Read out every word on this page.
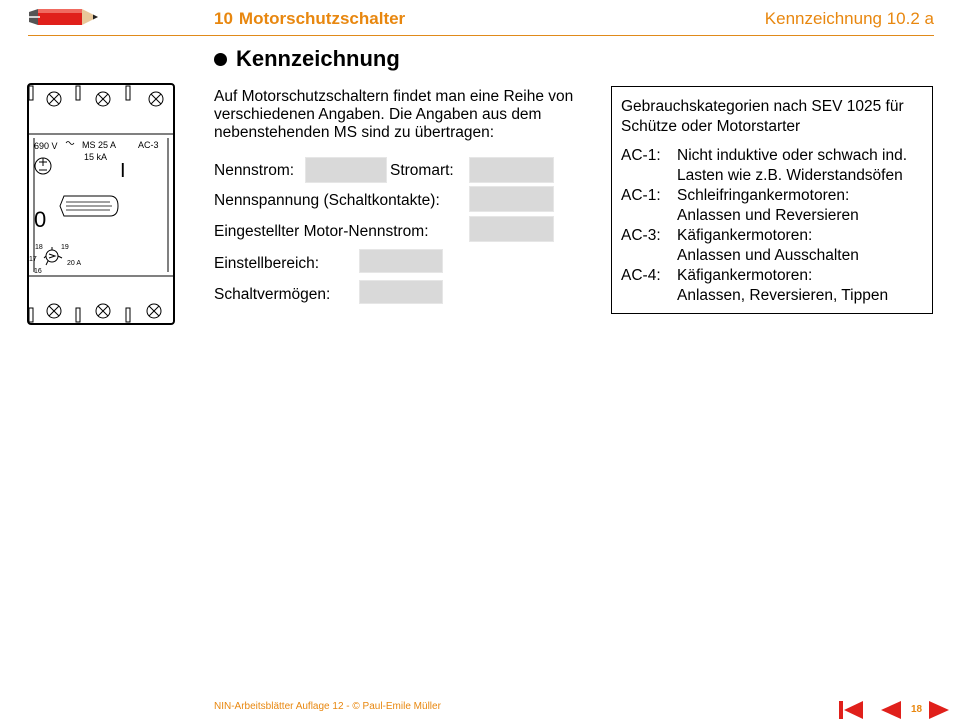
10 Motorschutzschalter	Kennzeichnung 10.2 a
Kennzeichnung
690 V	MS 25 A AC-3
15 kA
I
0
18	19
17
20 A
16
Auf Motorschutzschaltern findet man eine Reihe von verschiedenen Angaben. Die Angaben aus dem nebenstehenden MS sind zu übertragen:
Nennstrom:	Stromart:
Nennspannung (Schaltkontakte):
Eingestellter Motor-Nennstrom:
Einstellbereich:
Schaltvermögen:
Gebrauchskategorien nach SEV 1025 für Schütze oder Motorstarter
AC-1:	Nicht induktive oder schwach ind.
Lasten wie z.B. Widerstandsöfen
AC-1:	Schleifringankermotoren:
Anlassen und Reversieren
AC-3:	Käfigankermotoren:
Anlassen und Ausschalten
AC-4:	Käfigankermotoren:
Anlassen, Reversieren, Tippen
NIN-Arbeitsblätter Auflage 12 - © Paul-Emile Müller	18
